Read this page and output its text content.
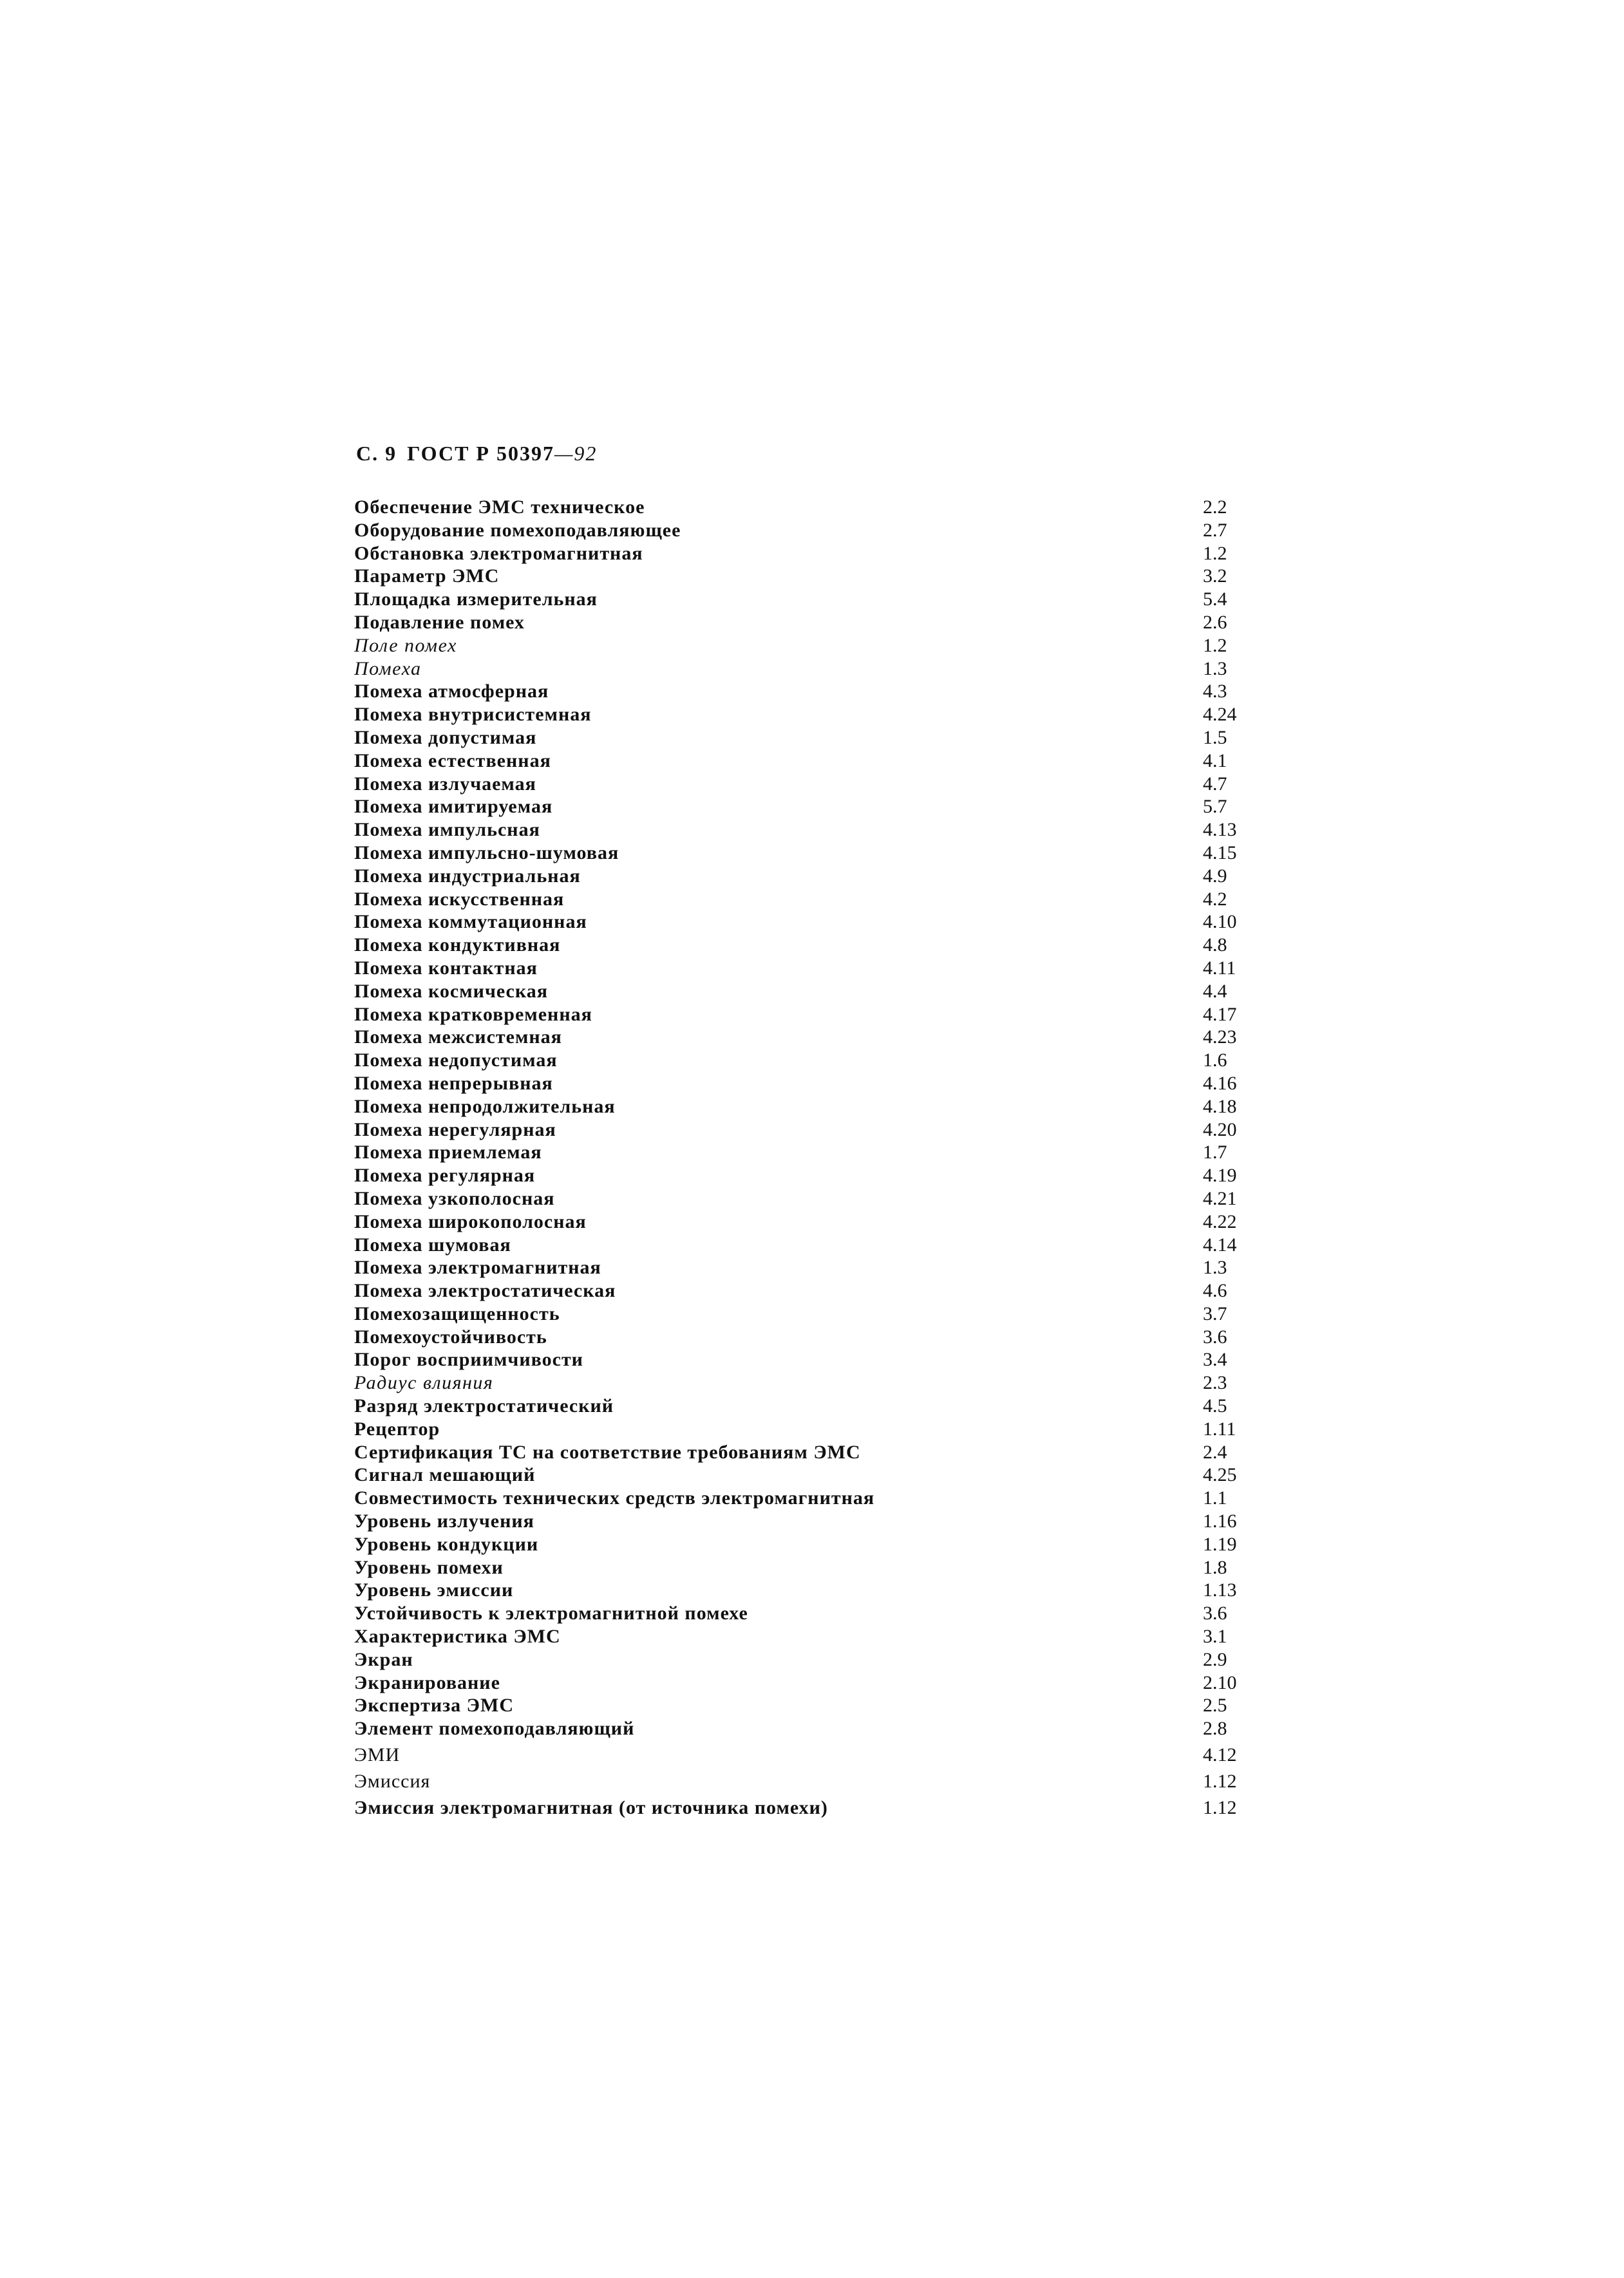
С. 9 ГОСТ Р 50397—92
Обеспечение ЭМС техническое	2.2
Оборудование помехоподавляющее	2.7
Обстановка электромагнитная	1.2
Параметр ЭМС	3.2
Площадка измерительная	5.4
Подавление помех	2.6
Поле помех	1.2
Помеха	1.3
Помеха атмосферная	4.3
Помеха внутрисистемная	4.24
Помеха допустимая	1.5
Помеха естественная	4.1
Помеха излучаемая	4.7
Помеха имитируемая	5.7
Помеха импульсная	4.13
Помеха импульсно-шумовая	4.15
Помеха индустриальная	4.9
Помеха искусственная	4.2
Помеха коммутационная	4.10
Помеха кондуктивная	4.8
Помеха контактная	4.11
Помеха космическая	4.4
Помеха кратковременная	4.17
Помеха межсистемная	4.23
Помеха недопустимая	1.6
Помеха непрерывная	4.16
Помеха непродолжительная	4.18
Помеха нерегулярная	4.20
Помеха приемлемая	1.7
Помеха регулярная	4.19
Помеха узкополосная	4.21
Помеха широкополосная	4.22
Помеха шумовая	4.14
Помеха электромагнитная	1.3
Помеха электростатическая	4.6
Помехозащищенность	3.7
Помехоустойчивость	3.6
Порог восприимчивости	3.4
Радиус влияния	2.3
Разряд электростатический	4.5
Рецептор	1.11
Сертификация ТС на соответствие требованиям ЭМС	2.4
Сигнал мешающий	4.25
Совместимость технических средств электромагнитная	1.1
Уровень излучения	1.16
Уровень кондукции	1.19
Уровень помехи	1.8
Уровень эмиссии	1.13
Устойчивость к электромагнитной помехе	3.6
Характеристика ЭМС	3.1
Экран	2.9
Экранирование	2.10
Экспертиза ЭМС	2.5
Элемент помехоподавляющий	2.8
ЭМИ	4.12
Эмиссия	1.12
Эмиссия электромагнитная (от источника помехи)	1.12
